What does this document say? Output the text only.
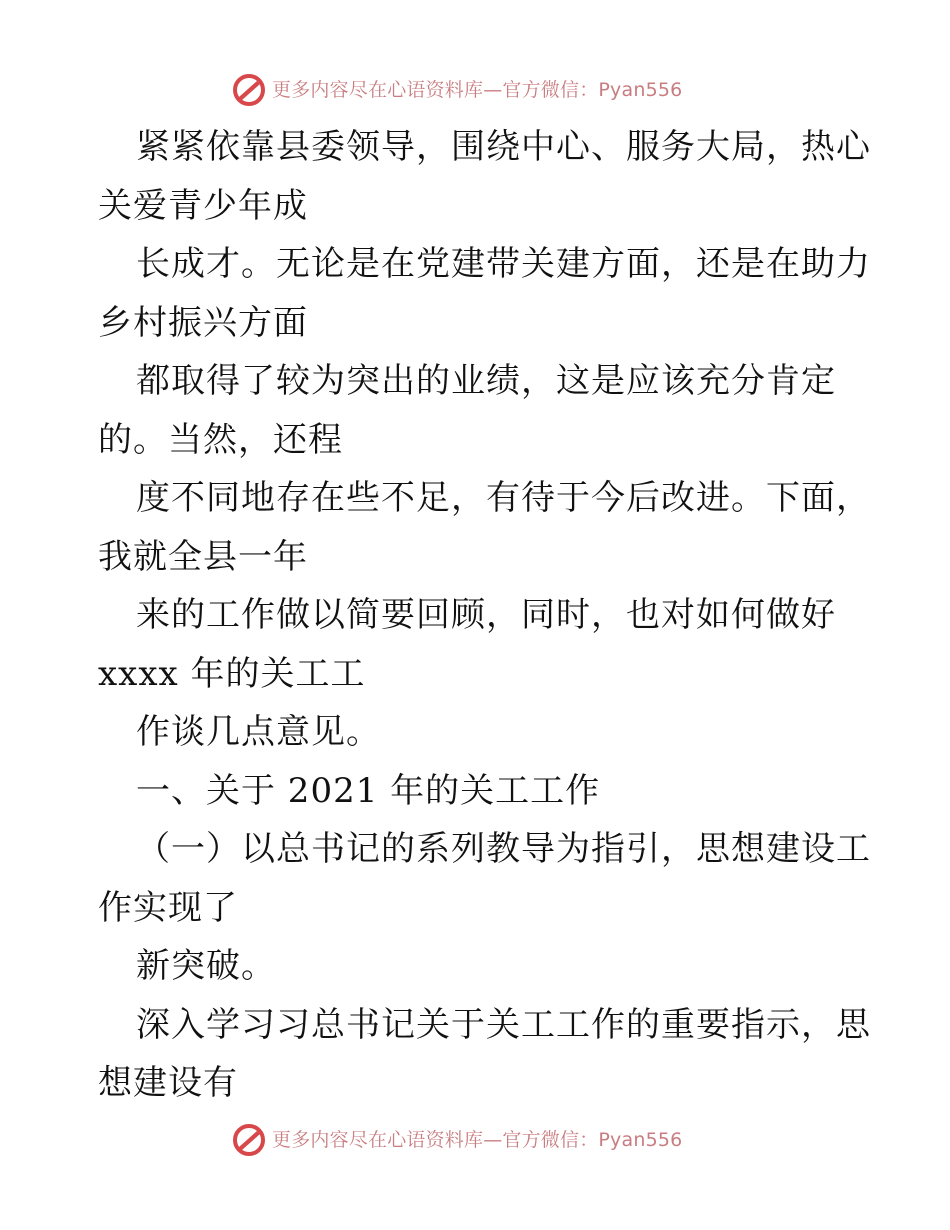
更多内容尽在心语资料库—官方微信：Pyan556
紧紧依靠县委领导，围绕中心、服务大局，热心
关爱青少年成
长成才。无论是在党建带关建方面，还是在助力
乡村振兴方面
都取得了较为突出的业绩，这是应该充分肯定
的。当然，还程
度不同地存在些不足，有待于今后改进。下面，
我就全县一年
来的工作做以简要回顾，同时，也对如何做好
xxxx 年的关工工
作谈几点意见。
一、关于 2021 年的关工工作
（一）以总书记的系列教导为指引，思想建设工
作实现了
新突破。
深入学习习总书记关于关工工作的重要指示，思
想建设有
更多内容尽在心语资料库—官方微信：Pyan556
